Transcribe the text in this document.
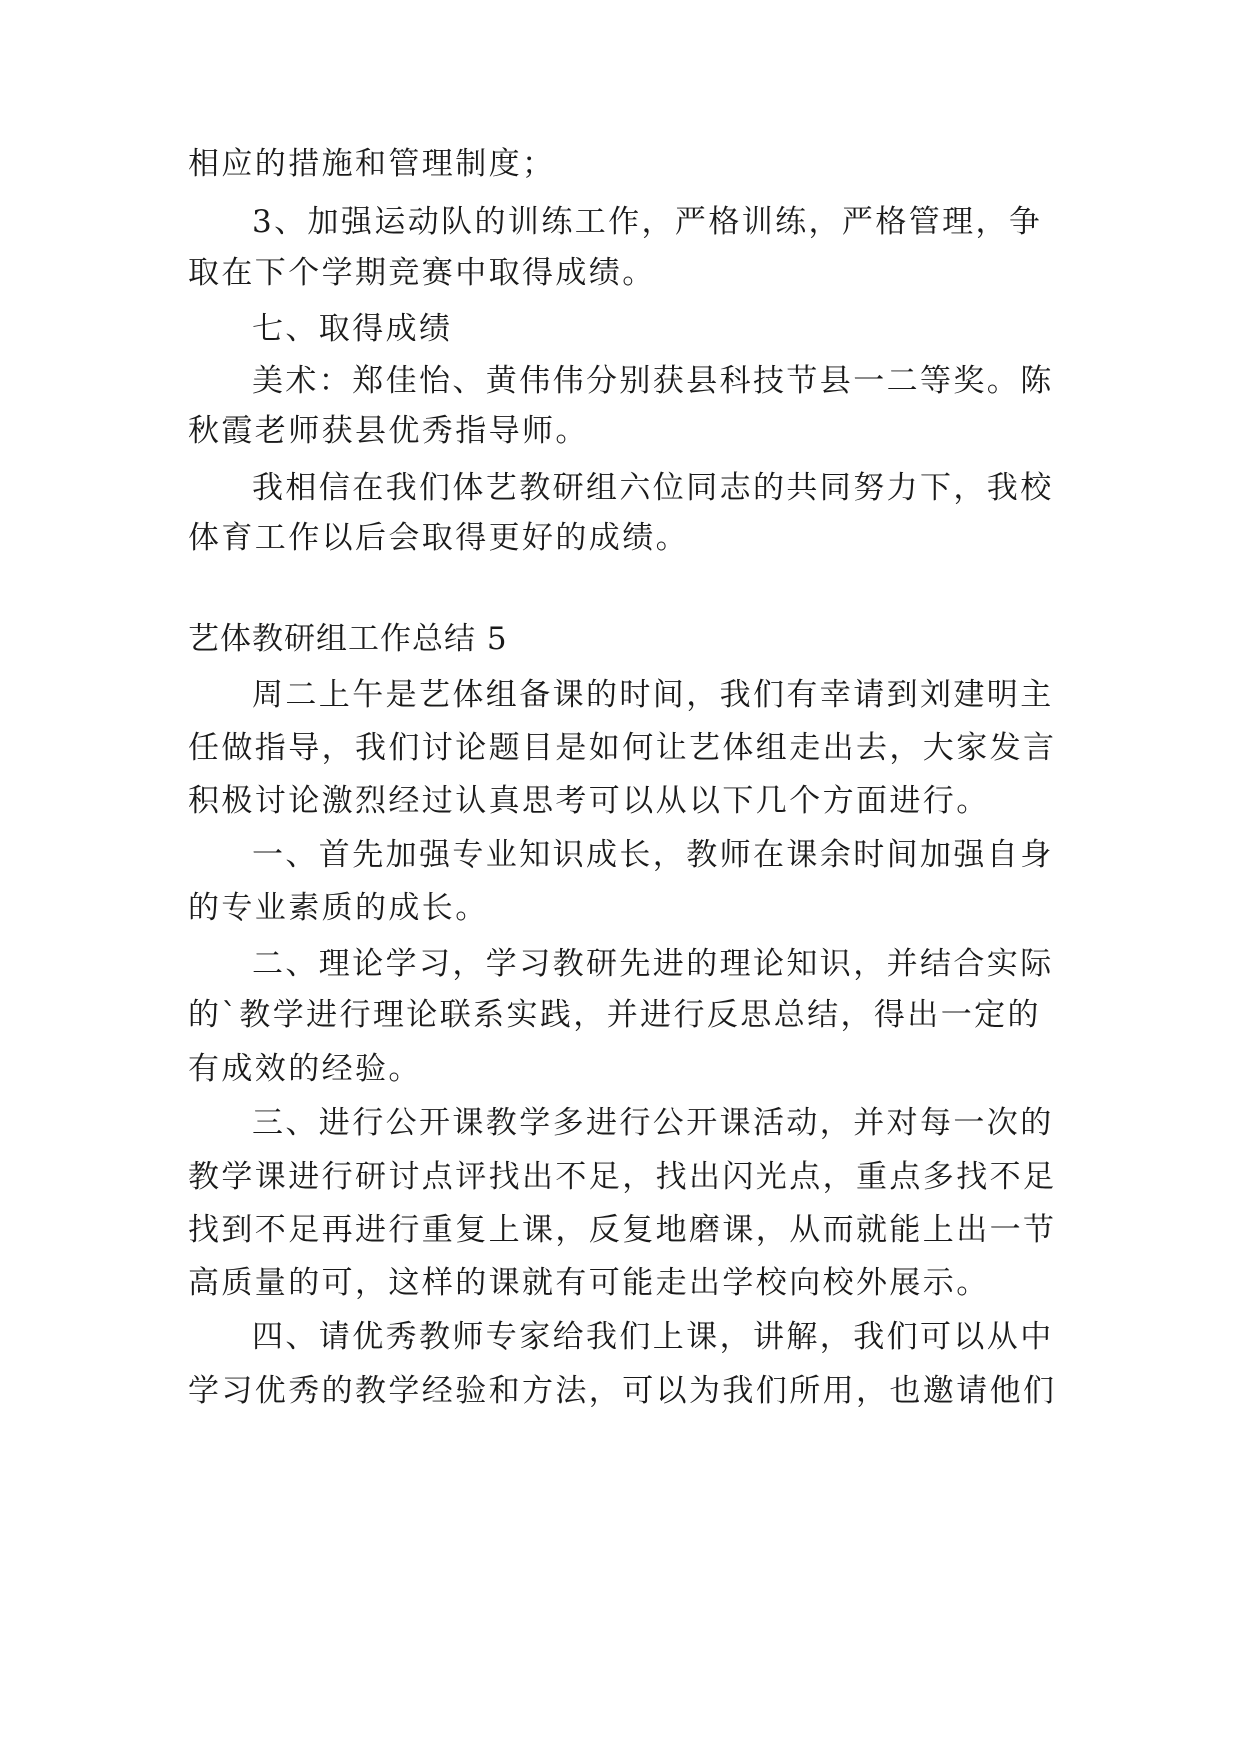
相应的措施和管理制度；
3、加强运动队的训练工作，严格训练，严格管理，争
取在下个学期竞赛中取得成绩。
七、取得成绩
美术：郑佳怡、黄伟伟分别获县科技节县一二等奖。陈
秋霞老师获县优秀指导师。
我相信在我们体艺教研组六位同志的共同努力下，我校
体育工作以后会取得更好的成绩。
艺体教研组工作总结 5
周二上午是艺体组备课的时间，我们有幸请到刘建明主
任做指导，我们讨论题目是如何让艺体组走出去，大家发言
积极讨论激烈经过认真思考可以从以下几个方面进行。
一、首先加强专业知识成长，教师在课余时间加强自身
的专业素质的成长。
二、理论学习，学习教研先进的理论知识，并结合实际
的`教学进行理论联系实践，并进行反思总结，得出一定的
有成效的经验。
三、进行公开课教学多进行公开课活动，并对每一次的
教学课进行研讨点评找出不足，找出闪光点，重点多找不足
找到不足再进行重复上课，反复地磨课，从而就能上出一节
高质量的可，这样的课就有可能走出学校向校外展示。
四、请优秀教师专家给我们上课，讲解，我们可以从中
学习优秀的教学经验和方法，可以为我们所用，也邀请他们
